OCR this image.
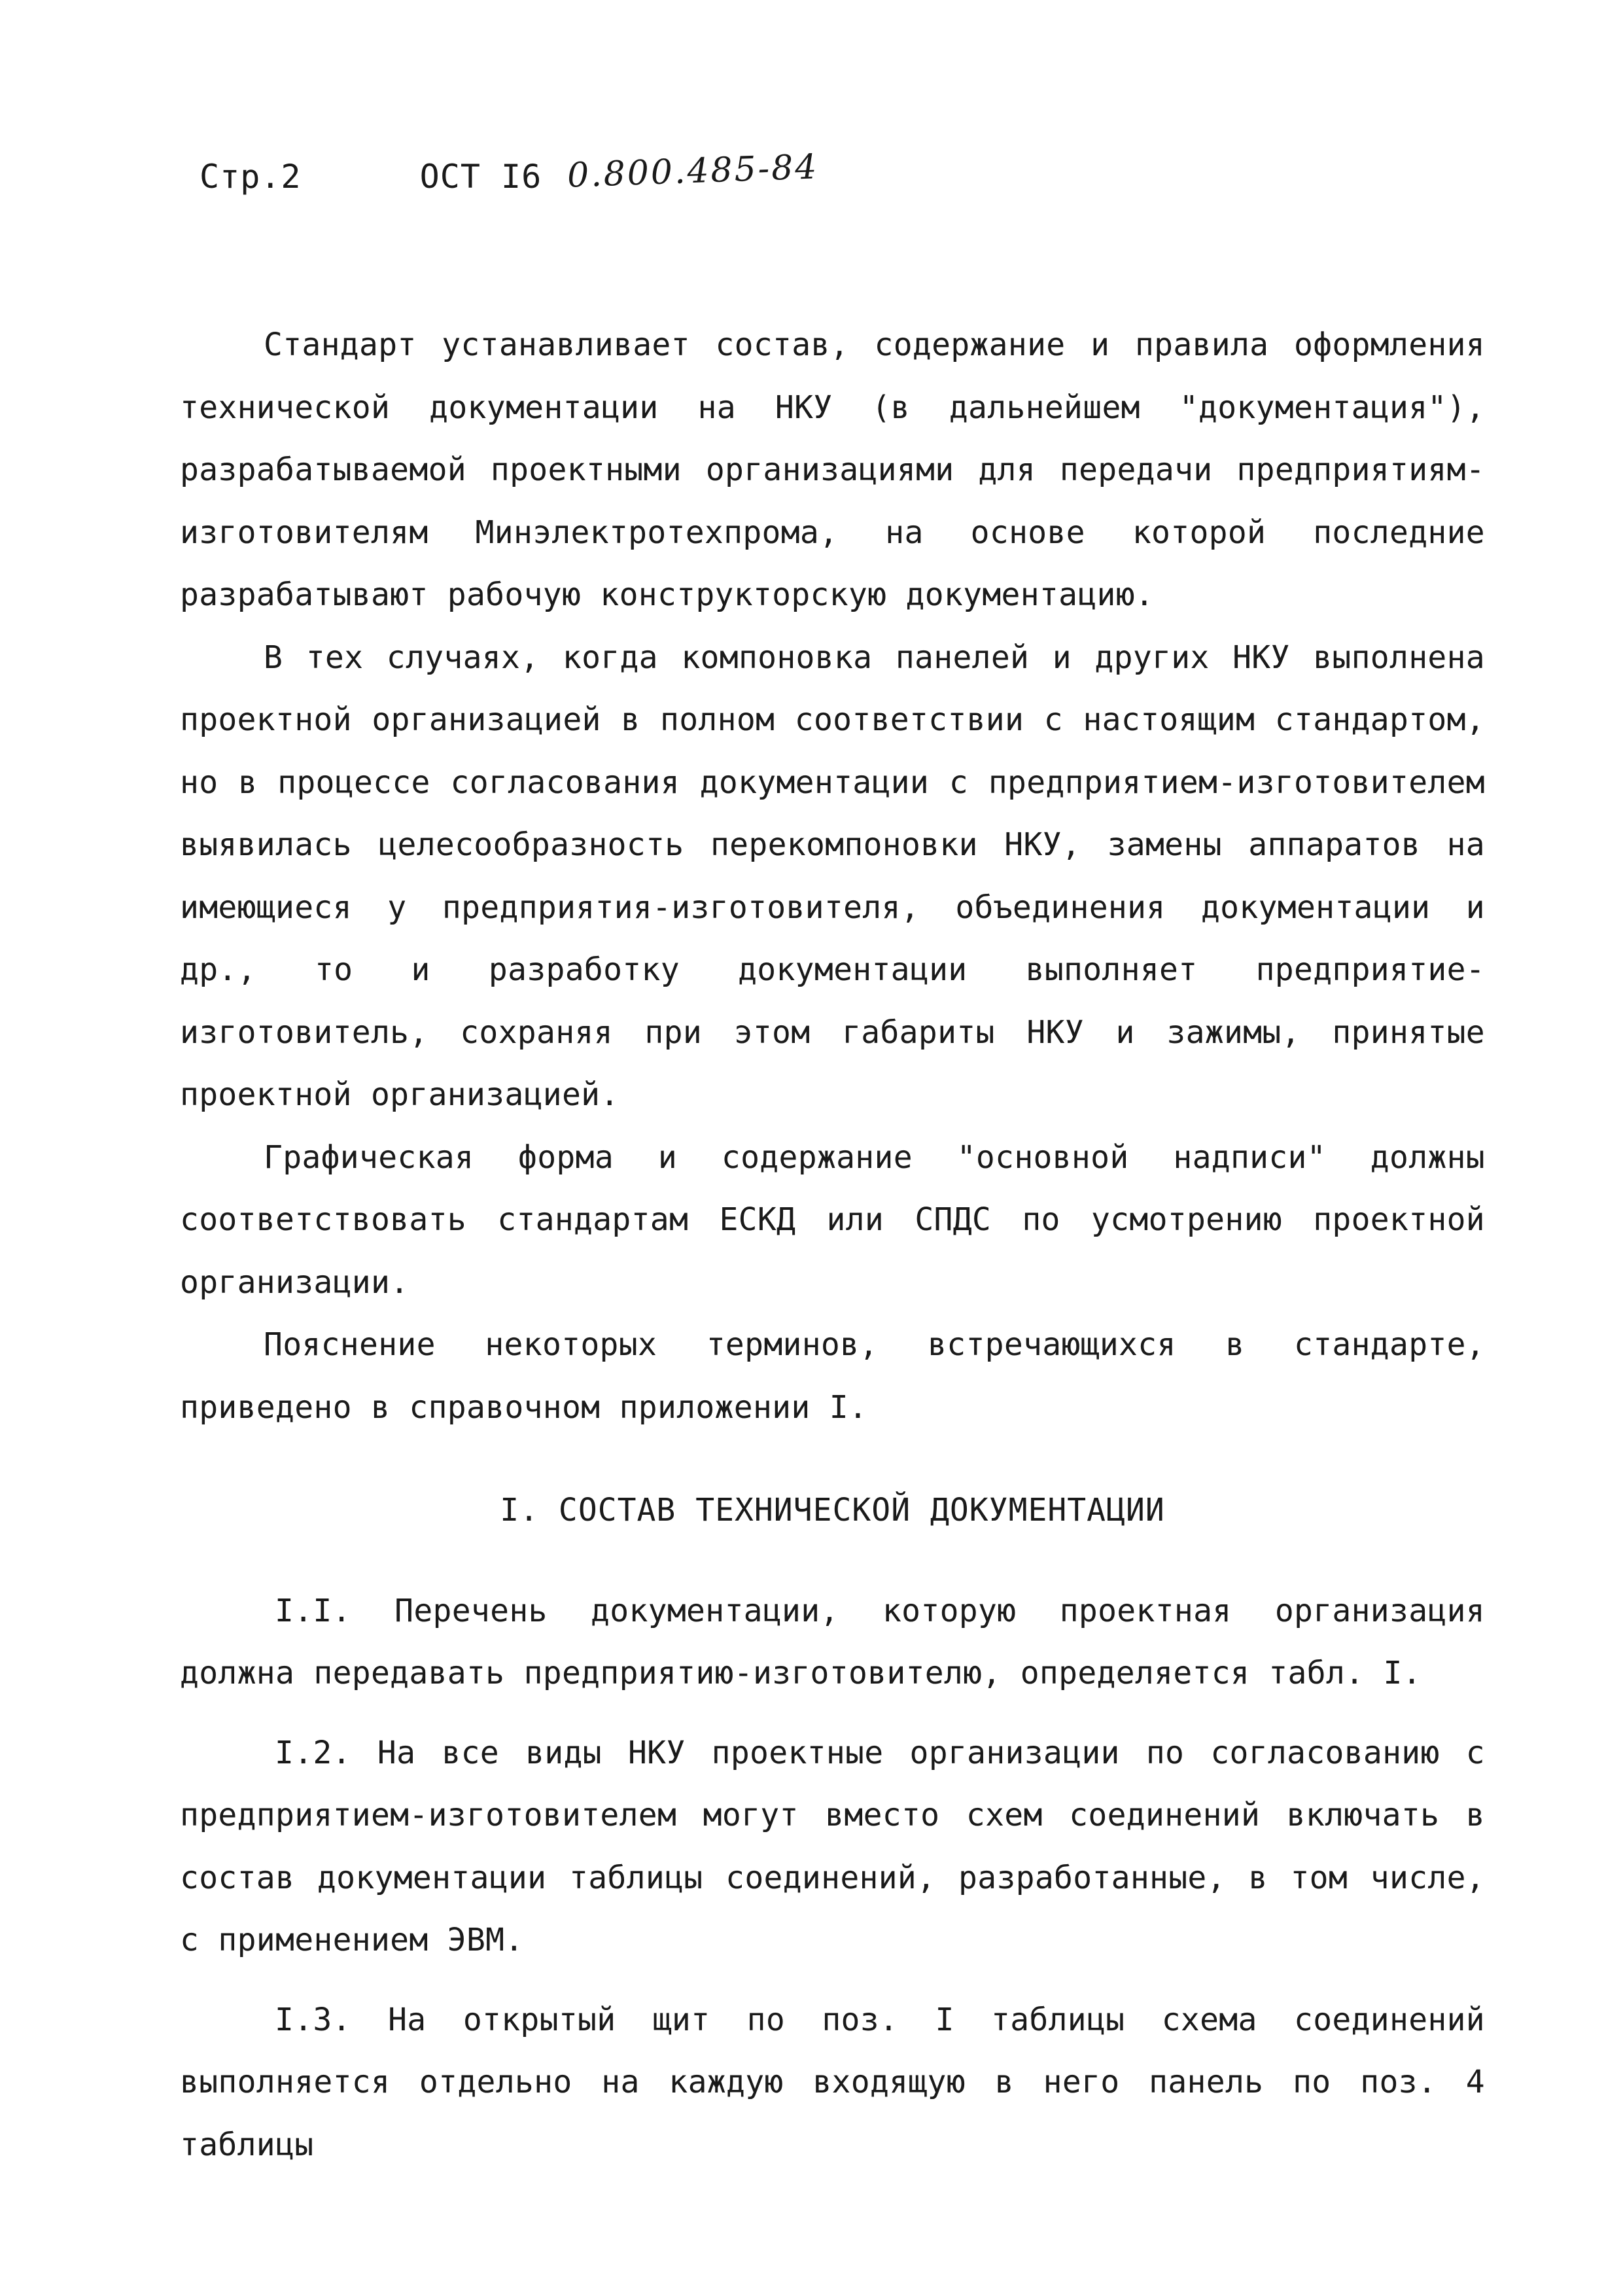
Стр.2	ОСТ I6 0.800.485-84

Стандарт устанавливает состав, содержание и правила оформления технической документации на НКУ (в дальнейшем "документация"), разрабатываемой проектными организациями для передачи предприятиям-изготовителям Минэлектротехпрома, на основе которой последние разрабатывают рабочую конструкторскую документацию.

В тех случаях, когда компоновка панелей и других НКУ выполнена проектной организацией в полном соответствии с настоящим стандартом, но в процессе согласования документации с предприятием-изготовителем выявилась целесообразность перекомпоновки НКУ, замены аппаратов на имеющиеся у предприятия-изготовителя, объединения документации и др., то и разработку документации выполняет предприятие-изготовитель, сохраняя при этом габариты НКУ и зажимы, принятые проектной организацией.

Графическая форма и содержание "основной надписи" должны соответствовать стандартам ЕСКД или СПДС по усмотрению проектной организации.

Пояснение некоторых терминов, встречающихся в стандарте, приведено в справочном приложении I.

I. СОСТАВ ТЕХНИЧЕСКОЙ ДОКУМЕНТАЦИИ

I.I. Перечень документации, которую проектная организация должна передавать предприятию-изготовителю, определяется табл. I.

I.2. На все виды НКУ проектные организации по согласованию с предприятием-изготовителем могут вместо схем соединений включать в состав документации таблицы соединений, разработанные, в том числе, с применением ЭВМ.

I.3. На открытый щит по поз. I таблицы схема соединений выполняется отдельно на каждую входящую в него панель по поз. 4 таблицы
